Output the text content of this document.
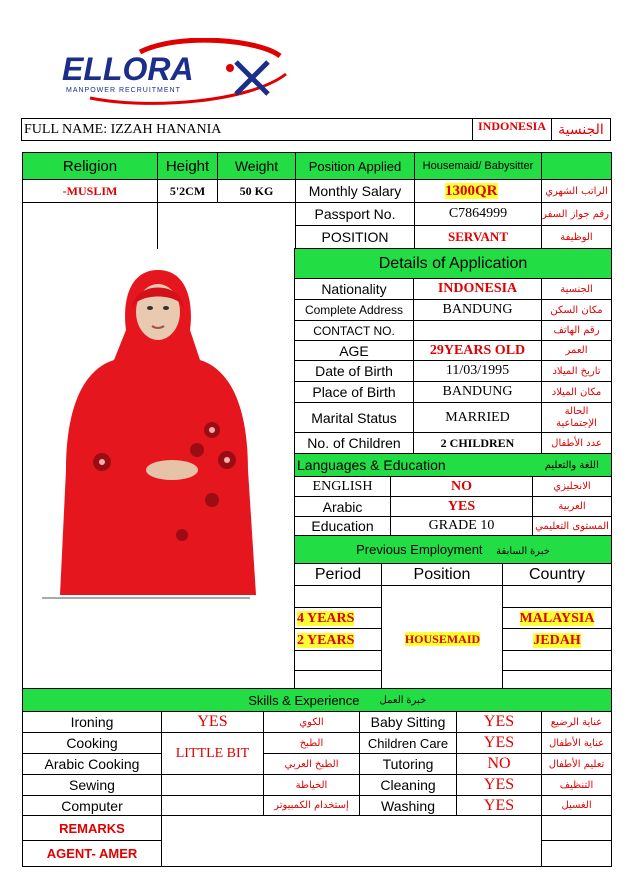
ELLORA
MANPOWER RECRUITMENT
FULL NAME: IZZAH HANANIA	INDONESIA	الجنسية
Religion	Height	Weight	Position Applied	Housemaid/ Babysitter	
-MUSLIM	5'2CM	50 KG	Monthly Salary	1300QR	الراتب الشهري
			Passport No.	C7864999	رقم جواز السفر
			POSITION	SERVANT	الوظيفة
Details of Application		
Nationality	INDONESIA	الجنسية
Complete Address	BANDUNG	مكان السكن
CONTACT NO.		رقم الهاتف
AGE	29YEARS OLD	العمر
Date of Birth	11/03/1995	تاريخ الميلاد
Place of Birth	BANDUNG	مكان الميلاد
Marital Status	MARRIED	الحالة الإجتماعية
No. of Children	2 CHILDREN	عدد الأطفال
Languages & Education		اللغة والتعليم
ENGLISH	NO	الانجليزي
Arabic	YES	العربية
Education	GRADE 10	المستوى التعليمي
Previous Employment خبرة السابقة		
Period	Position	Country

4 YEARS		MALAYSIA
2 YEARS		JEDAH

HOUSEMAID
Skills & Experience			خبرة العمل		
Ironing	YES	الكوي	Baby Sitting	YES	عناية الرضيع
Cooking	LITTLE BIT	الطبخ	Children Care	YES	عناية الأطفال
Arabic Cooking		الطبخ العربي	Tutoring	NO	تعليم الأطفال
Sewing		الخياطة	Cleaning	YES	التنظيف
Computer		إستخدام الكمبيوتر	Washing	YES	الغسيل
REMARKS					
AGENT- AMER					
